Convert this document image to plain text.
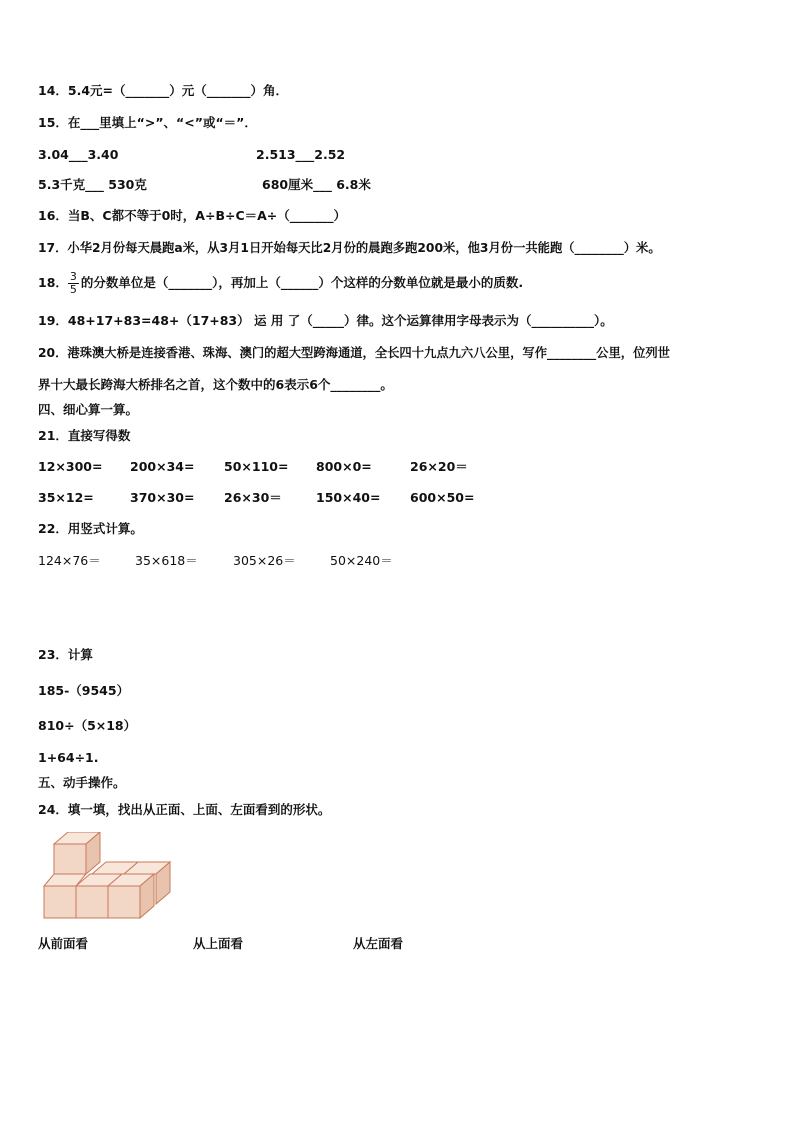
14．5.4元=（_______）元（_______）角．
15．在___里填上“>”、“<”或“＝”．
3.04___3.40	2.513___2.52
5.3千克___ 530克	680厘米___ 6.8米
16．当B、C都不等于0时，A÷B÷C＝A÷（_______）
17．小华2月份每天晨跑a米，从3月1日开始每天比2月份的晨跑多跑200米，他3月份一共能跑（________）米。
18． $\frac{3}{5}$ 的分数单位是（_______），再加上（______）个这样的分数单位就是最小的质数.
19．48+17+83=48+（17+83） 运 用 了（_____）律。这个运算律用字母表示为（__________）。
20．港珠澳大桥是连接香港、珠海、澳门的超大型跨海通道，全长四十九点九六八公里，写作________公里，位列世
界十大最长跨海大桥排名之首，这个数中的6表示6个________。
四、细心算一算。
21．直接写得数
12×300= 200×34= 50×110= 800×0=	26×20＝
35×12=	370×30= 26×30＝	150×40= 600×50=
22．用竖式计算。
124×76＝	35×618＝	305×26＝	50×240＝
23．计算
185-（9545）
810÷（5×18）
1+64÷1.
五、动手操作。
24．填一填，找出从正面、上面、左面看到的形状。
从前面看	从上面看	从左面看
